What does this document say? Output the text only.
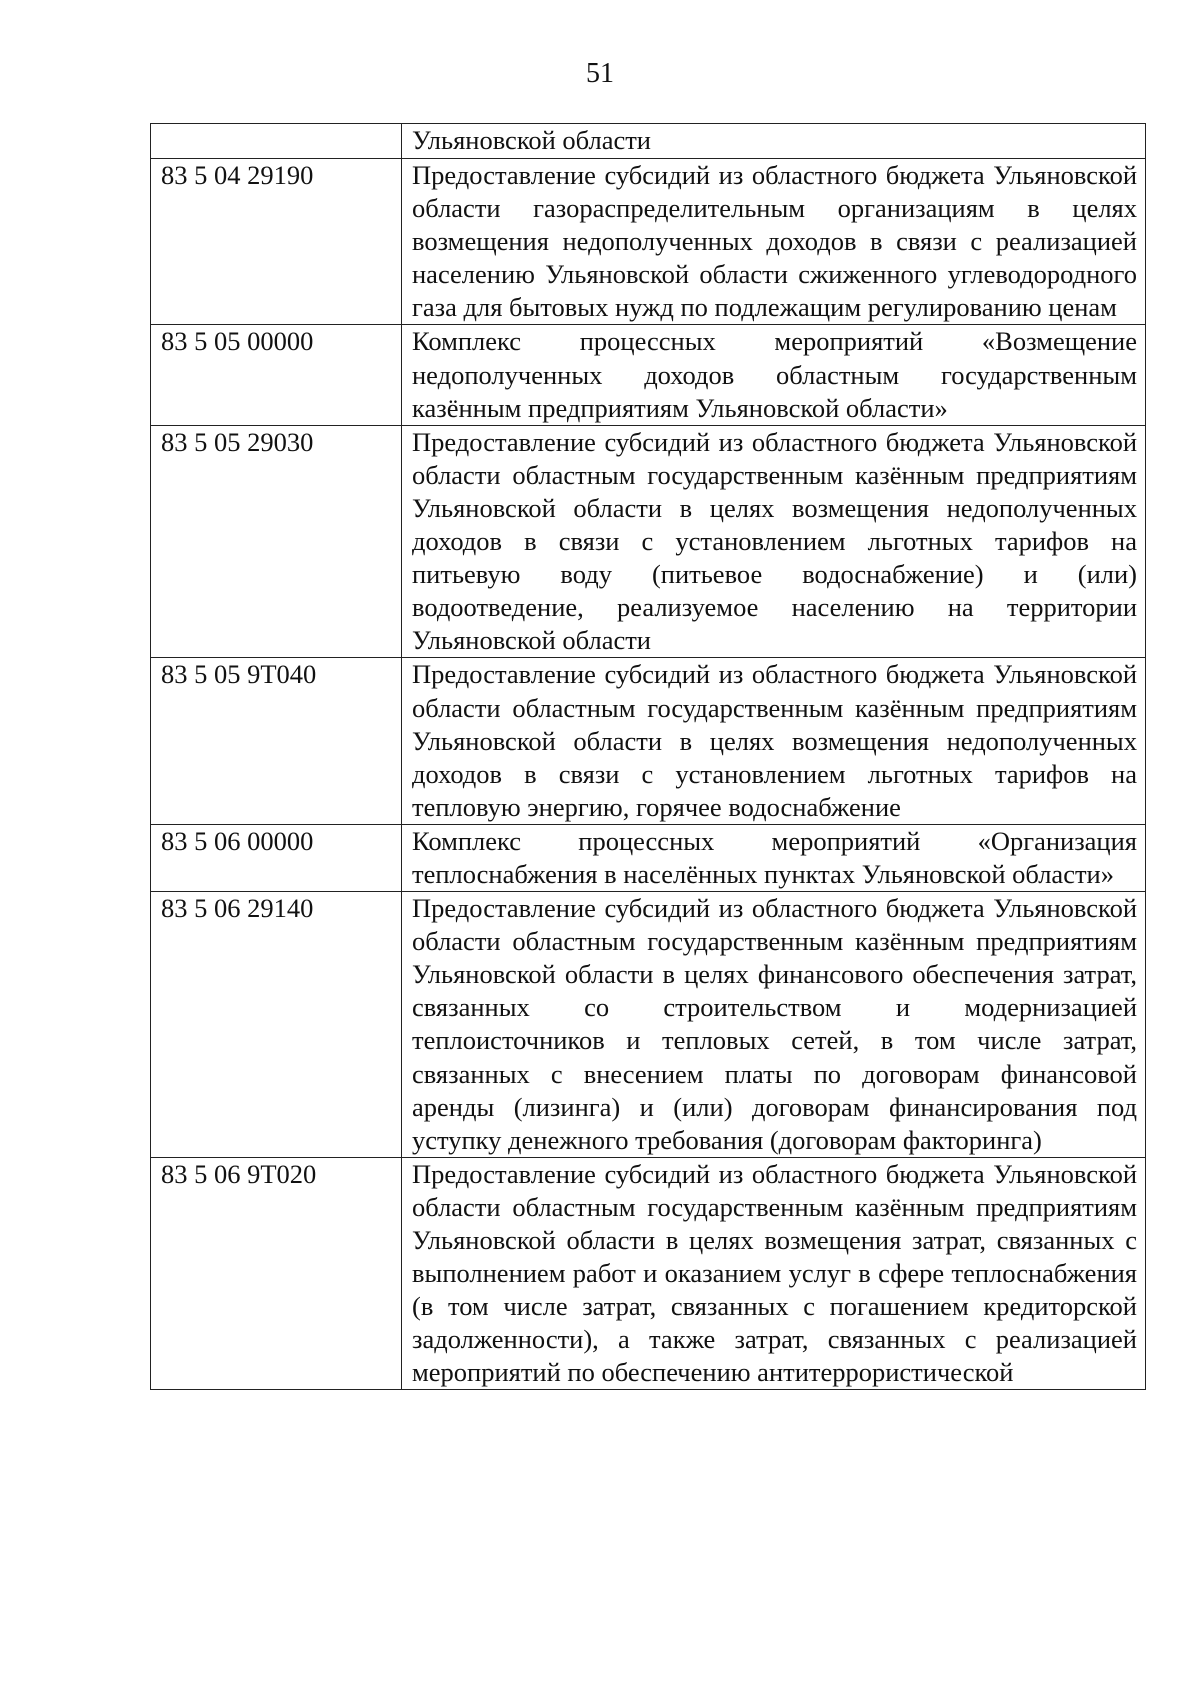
51
	Ульяновской области
83 5 04 29190	Предоставление субсидий из областного бюджета Ульяновской области газораспределительным организациям в целях возмещения недополученных доходов в связи с реализацией населению Ульяновской области сжиженного углеводородного газа для бытовых нужд по подлежащим регулированию ценам
83 5 05 00000	Комплекс процессных мероприятий «Возмещение недополученных доходов областным государственным казённым предприятиям Ульяновской области»
83 5 05 29030	Предоставление субсидий из областного бюджета Ульяновской области областным государственным казённым предприятиям Ульяновской области в целях возмещения недополученных доходов в связи с установлением льготных тарифов на питьевую воду (питьевое водоснабжение) и (или) водоотведение, реализуемое населению на территории Ульяновской области
83 5 05 9Т040	Предоставление субсидий из областного бюджета Ульяновской области областным государственным казённым предприятиям Ульяновской области в целях возмещения недополученных доходов в связи с установлением льготных тарифов на тепловую энергию, горячее водоснабжение
83 5 06 00000	Комплекс процессных мероприятий «Организация теплоснабжения в населённых пунктах Ульяновской области»
83 5 06 29140	Предоставление субсидий из областного бюджета Ульяновской области областным государственным казённым предприятиям Ульяновской области в целях финансового обеспечения затрат, связанных со строительством и модернизацией теплоисточников и тепловых сетей, в том числе затрат, связанных с внесением платы по договорам финансовой аренды (лизинга) и (или) договорам финансирования под уступку денежного требования (договорам факторинга)
83 5 06 9Т020	Предоставление субсидий из областного бюджета Ульяновской области областным государственным казённым предприятиям Ульяновской области в целях возмещения затрат, связанных с выполнением работ и оказанием услуг в сфере теплоснабжения (в том числе затрат, связанных с погашением кредиторской задолженности), а также затрат, связанных с реализацией мероприятий по обеспечению антитеррористической
